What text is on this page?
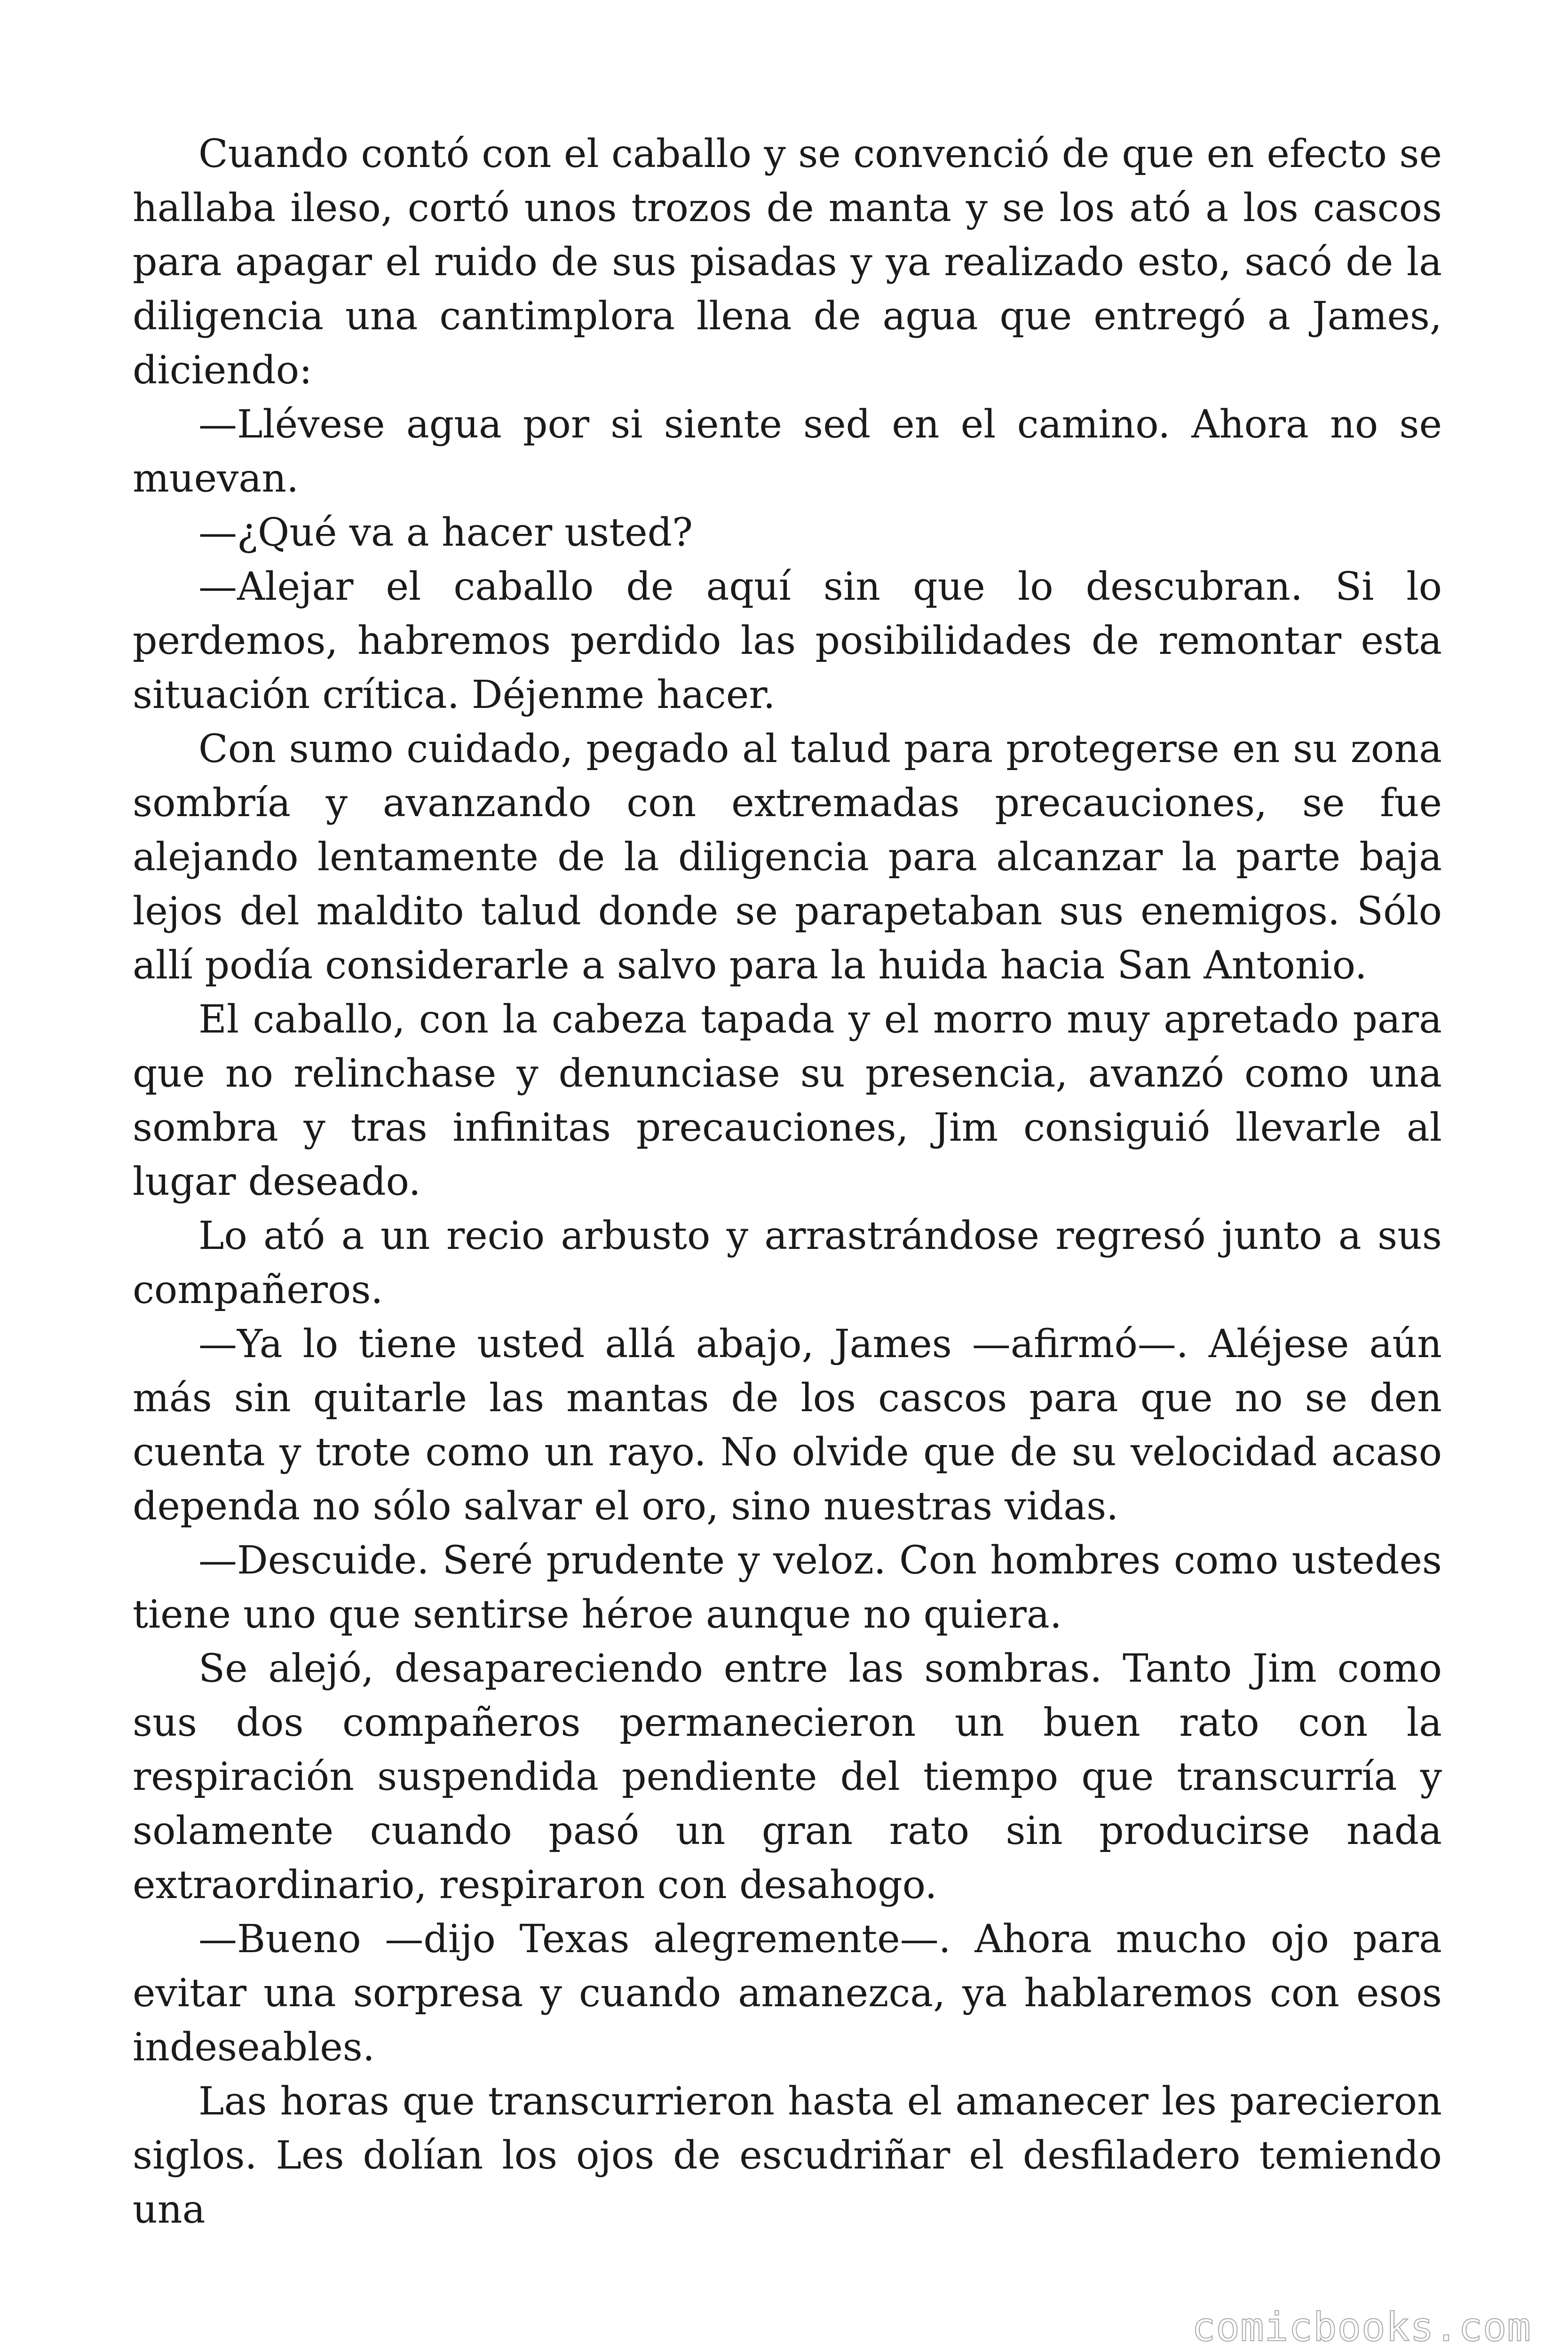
Cuando contó con el caballo y se convenció de que en efecto se hallaba ileso, cortó unos trozos de manta y se los ató a los cascos para apagar el ruido de sus pisadas y ya realizado esto, sacó de la diligencia una cantimplora llena de agua que entregó a James, diciendo:

—Llévese agua por si siente sed en el camino. Ahora no se muevan.

—¿Qué va a hacer usted?

—Alejar el caballo de aquí sin que lo descubran. Si lo perdemos, habremos perdido las posibilidades de remontar esta situación crítica. Déjenme hacer.

Con sumo cuidado, pegado al talud para protegerse en su zona sombría y avanzando con extremadas precauciones, se fue alejando lentamente de la diligencia para alcanzar la parte baja lejos del maldito talud donde se parapetaban sus enemigos. Sólo allí podía considerarle a salvo para la huida hacia San Antonio.

El caballo, con la cabeza tapada y el morro muy apretado para que no relinchase y denunciase su presencia, avanzó como una sombra y tras infinitas precauciones, Jim consiguió llevarle al lugar deseado.

Lo ató a un recio arbusto y arrastrándose regresó junto a sus compañeros.

—Ya lo tiene usted allá abajo, James —afirmó—. Aléjese aún más sin quitarle las mantas de los cascos para que no se den cuenta y trote como un rayo. No olvide que de su velocidad acaso dependa no sólo salvar el oro, sino nuestras vidas.

—Descuide. Seré prudente y veloz. Con hombres como ustedes tiene uno que sentirse héroe aunque no quiera.

Se alejó, desapareciendo entre las sombras. Tanto Jim como sus dos compañeros permanecieron un buen rato con la respiración suspendida pendiente del tiempo que transcurría y solamente cuando pasó un gran rato sin producirse nada extraordinario, respiraron con desahogo.

—Bueno —dijo Texas alegremente—. Ahora mucho ojo para evitar una sorpresa y cuando amanezca, ya hablaremos con esos indeseables.

Las horas que transcurrieron hasta el amanecer les parecieron siglos. Les dolían los ojos de escudriñar el desfiladero temiendo una

comicbooks.com
